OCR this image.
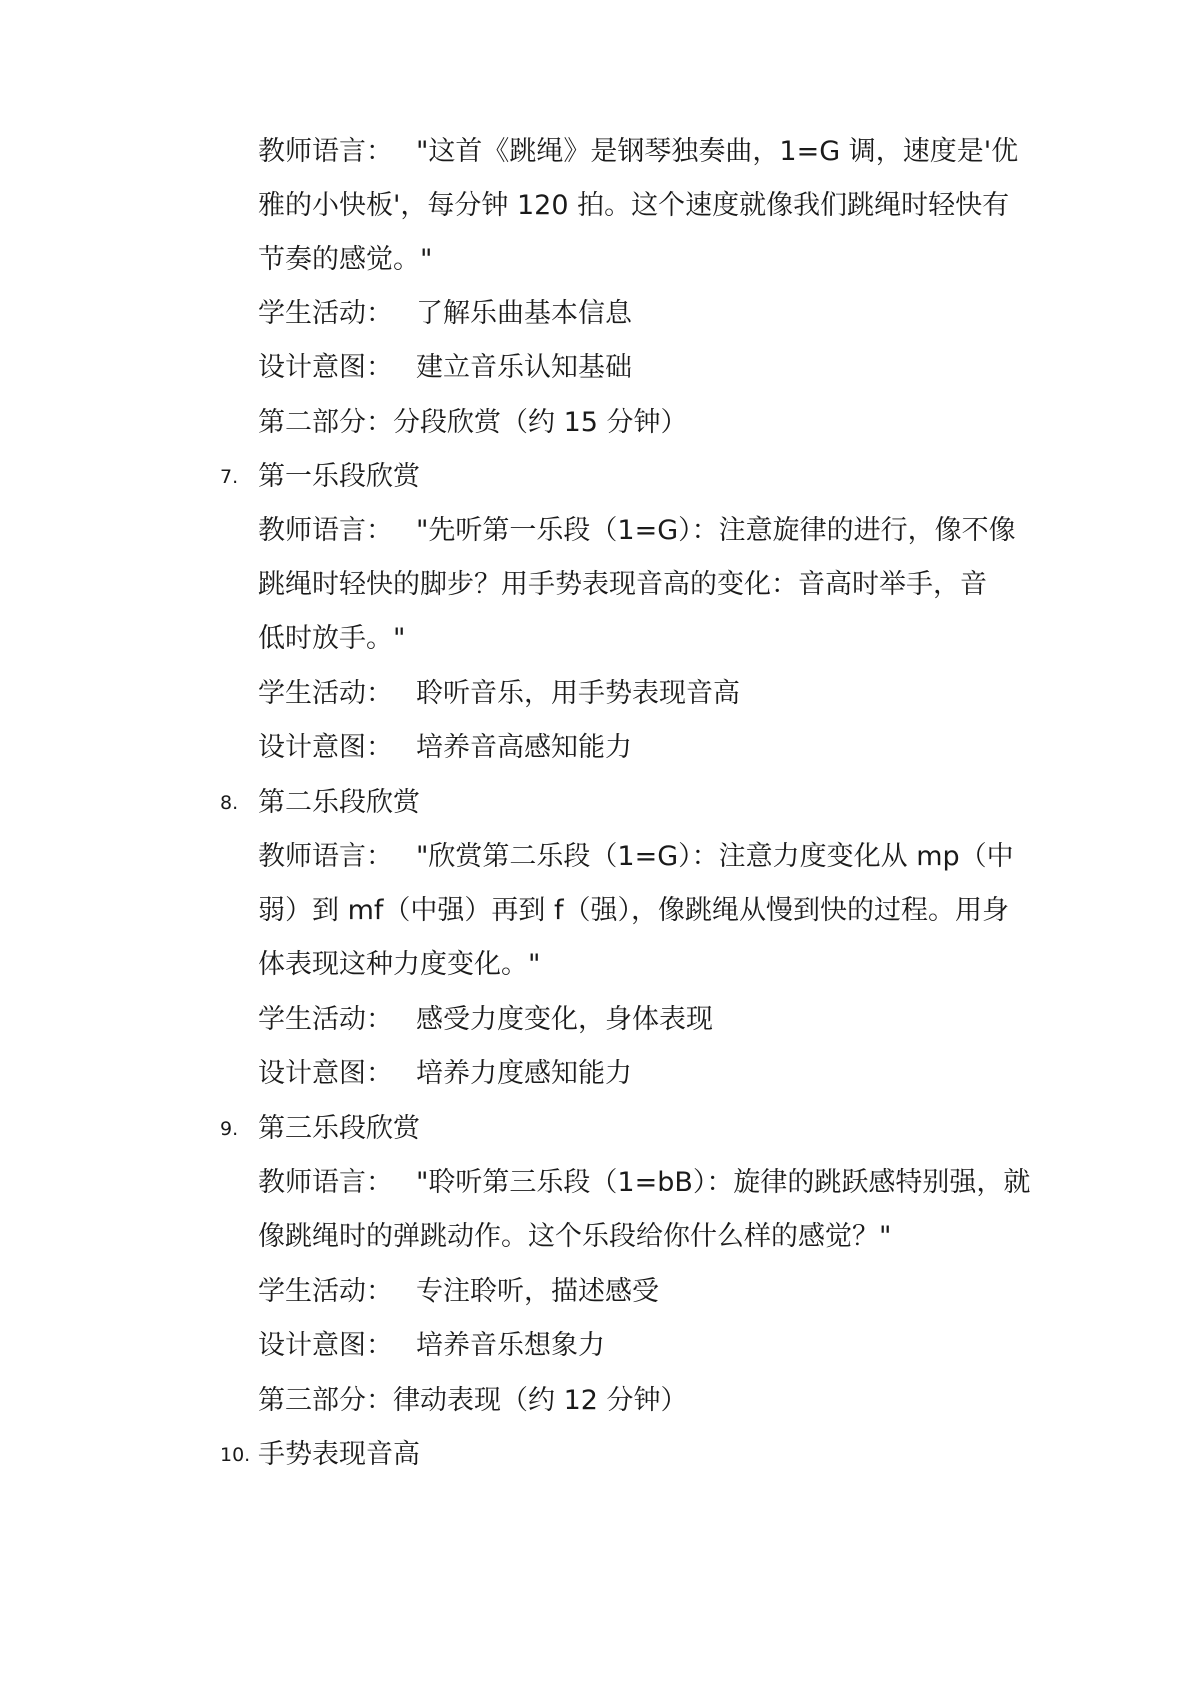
教师语言： "这首《跳绳》是钢琴独奏曲，1=G 调，速度是'优
雅的小快板'，每分钟 120 拍。这个速度就像我们跳绳时轻快有
节奏的感觉。"
学生活动： 了解乐曲基本信息
设计意图： 建立音乐认知基础
第二部分：分段欣赏（约 15 分钟）
7. 第一乐段欣赏
教师语言： "先听第一乐段（1=G）：注意旋律的进行，像不像
跳绳时轻快的脚步？用手势表现音高的变化：音高时举手，音
低时放手。"
学生活动： 聆听音乐，用手势表现音高
设计意图： 培养音高感知能力
8. 第二乐段欣赏
教师语言： "欣赏第二乐段（1=G）：注意力度变化从 mp（中
弱）到 mf（中强）再到 f（强），像跳绳从慢到快的过程。用身
体表现这种力度变化。"
学生活动： 感受力度变化，身体表现
设计意图： 培养力度感知能力
9. 第三乐段欣赏
教师语言： "聆听第三乐段（1=bB）：旋律的跳跃感特别强，就
像跳绳时的弹跳动作。这个乐段给你什么样的感觉？"
学生活动： 专注聆听，描述感受
设计意图： 培养音乐想象力
第三部分：律动表现（约 12 分钟）
10. 手势表现音高
